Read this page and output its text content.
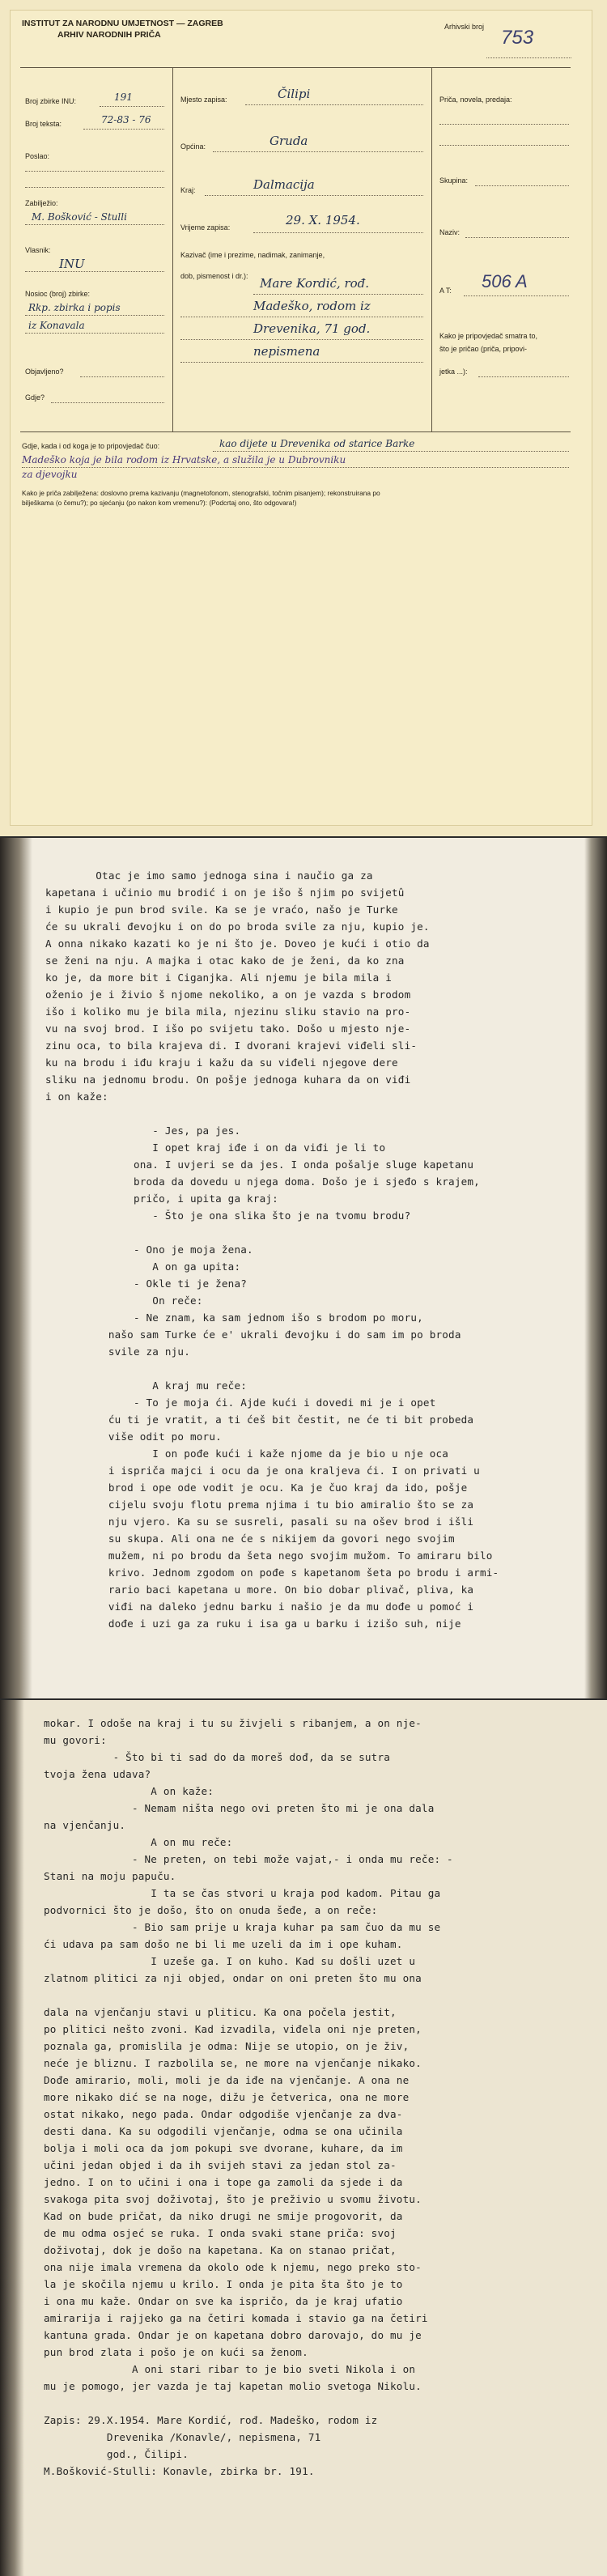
INSTITUT ZA NARODNU UMJETNOST — ZAGREB
ARHIV NARODNIH PRIČA
Arhivski broj 753
Broj zbirke INU:	191
Broj teksta:	72-83 - 76
Poslao:
Zabilježio:
M. Bošković - Stulli
Vlasnik:
INU
Nosioc (broj) zbirke:
Rkp. zbirka i popis
iz Konavala
Objavljeno?
Gdje?
Mjesto zapisa:	Čilipi
Općina:	Gruda
Kraj:	Dalmacija
Vrijeme zapisa:	29. X. 1954.
Kazivač (ime i prezime, nadimak, zanimanje,
dob, pismenost i dr.): Mare Kordić, rođ.
Madeško, rodom iz
Drevenika, 71 god.
nepismena
Priča, novela, predaja:
Skupina:
Naziv:
A T: 506 A
Kako je pripovjedač smatra to,
što je pričao (priča, pripovi-
jetka ...):
Gdje, kada i od koga je to pripovjedač čuo:	kao dijete u Drevenika od starice Barke
Madeško koja je bila rodom iz Hrvatske, a služila je u Dubrovniku
za djevojku
Kako je priča zabilježena: doslovno prema kazivanju (magnetofonom, stenografski, točnim pisanjem); rekonstruirana po
bilješkama (o čemu?); po sjećanju (po nakon kom vremenu?): (Podcrtaj ono, što odgovara!)
Otac je imo samo jednoga sina i naučio ga za
kapetana i učinio mu brodić i on je išo š njim po svijetû
i kupio je pun brod svile. Ka se je vraćo, našo je Turke
će su ukrali đevojku i on do po broda svile za nju, kupio je.
A onna nikako kazati ko je ni što je. Doveo je kući i otio da
se ženi na nju. A majka i otac kako de je ženi, da ko zna
ko je, da more bit i Ciganjka. Ali njemu je bila mila i
oženio je i živio š njome nekoliko, a on je vazda s brodom
išo i koliko mu je bila mila, njezinu sliku stavio na pro-
vu na svoj brod. I išo po svijetu tako. Došo u mjesto nje-
zinu oca, to bila krajeva di. I dvorani krajevi viđeli sli-
ku na brodu i iđu kraju i kažu da su viđeli njegove dere
sliku na jednomu brodu. On pošje jednoga kuhara da on viđi
i on kaže:

- Jes, pa jes.
I opet kraj iđe i on da viđi je li to
ona. I uvjeri se da jes. I onda pošalje sluge kapetanu
broda da dovedu u njega doma. Došo je i sjeđo s krajem,
pričo, i upita ga kraj:
- Što je ona slika što je na tvomu brodu?

- Ono je moja žena.
A on ga upita:
- Okle ti je žena?
On reče:
- Ne znam, ka sam jednom išo s brodom po moru,
našo sam Turke će e' ukrali đevojku i do sam im po broda
svile za nju.

A kraj mu reče:
- To je moja ći. Ajde kući i dovedi mi je i opet
ću ti je vratit, a ti ćeš bit čestit, ne će ti bit probeda
više odit po moru.
I on pođe kući i kaže njome da je bio u nje oca
i ispriča majci i ocu da je ona kraljeva ći. I on privati u
brod i ope ode vodit je ocu. Ka je čuo kraj da ido, pošje
cijelu svoju flotu prema njima i tu bio amiralio što se za
nju vjero. Ka su se susreli, pasali su na ošev brod i išli
su skupa. Ali ona ne će s nikijem da govori nego svojim
mužem, ni po brodu da šeta nego svojim mužom. To amiraru bilo
krivo. Jednom zgodom on pođe s kapetanom šeta po brodu i armi-
rario baci kapetana u more. On bio dobar plivač, pliva, ka
viđi na daleko jednu barku i našio je da mu dođe u pomoć i
dođe i uzi ga za ruku i isa ga u barku i izišo suh, nije
mokar. I odoše na kraj i tu su živjeli s ribanjem, a on nje-
mu govori:
- Što bi ti sad do da moreš dođ, da se sutra
tvoja žena udava?
A on kaže:
- Nemam ništa nego ovi preten što mi je ona dala
na vjenčanju.
A on mu reče:
- Ne preten, on tebi može vajat,- i onda mu reče: -
Stani na moju papuču.
I ta se čas stvori u kraja pod kadom. Pitau ga
podvornici što je došo, što on onuda šeđe, a on reče:
- Bio sam prije u kraja kuhar pa sam čuo da mu se
ći udava pa sam došo ne bi li me uzeli da im i ope kuham.
I uzeše ga. I on kuho. Kad su došli uzet u
zlatnom plitici za nji objed, ondar on oni preten što mu ona

dala na vjenčanju stavi u pliticu. Ka ona počela jestit,
po plitici nešto zvoni. Kad izvadila, viđela oni nje preten,
poznala ga, promislila je odma: Nije se utopio, on je živ,
neće je bliznu. I razbolila se, ne more na vjenčanje nikako.
Dođe amirario, moli, moli je da iđe na vjenčanje. A ona ne
more nikako dić se na noge, dižu je četverica, ona ne more
ostat nikako, nego pada. Ondar odgodiše vjenčanje za dva-
desti dana. Ka su odgodili vjenčanje, odma se ona učinila
bolja i moli oca da jom pokupi sve dvorane, kuhare, da im
učini jedan objed i da ih svijeh stavi za jedan stol za-
jedno. I on to učini i ona i tope ga zamoli da sjede i da
svakoga pita svoj doživotaj, što je preživio u svomu životu.
Kad on bude pričat, da niko drugi ne smije progovorit, da
de mu odma osjeć se ruka. I onda svaki stane priča: svoj
doživotaj, dok je došo na kapetana. Ka on stanao pričat,
ona nije imala vremena da okolo ode k njemu, nego preko sto-
la je skočila njemu u krilo. I onda je pita šta što je to
i ona mu kaže. Ondar on sve ka ispričo, da je kraj ufatio
amirarija i rajjeko ga na četiri komada i stavio ga na četiri
kantuna grada. Ondar je on kapetana dobro darovajo, do mu je
pun brod zlata i pošo je on kući sa ženom.
A oni stari ribar to je bio sveti Nikola i on
mu je pomogo, jer vazda je taj kapetan molio svetoga Nikolu.

Zapis: 29.X.1954. Mare Kordić, rođ. Madeško, rodom iz
Drevenika /Konavle/, nepismena, 71
god., Čilipi.
M.Bošković-Stulli: Konavle, zbirka br. 191.
